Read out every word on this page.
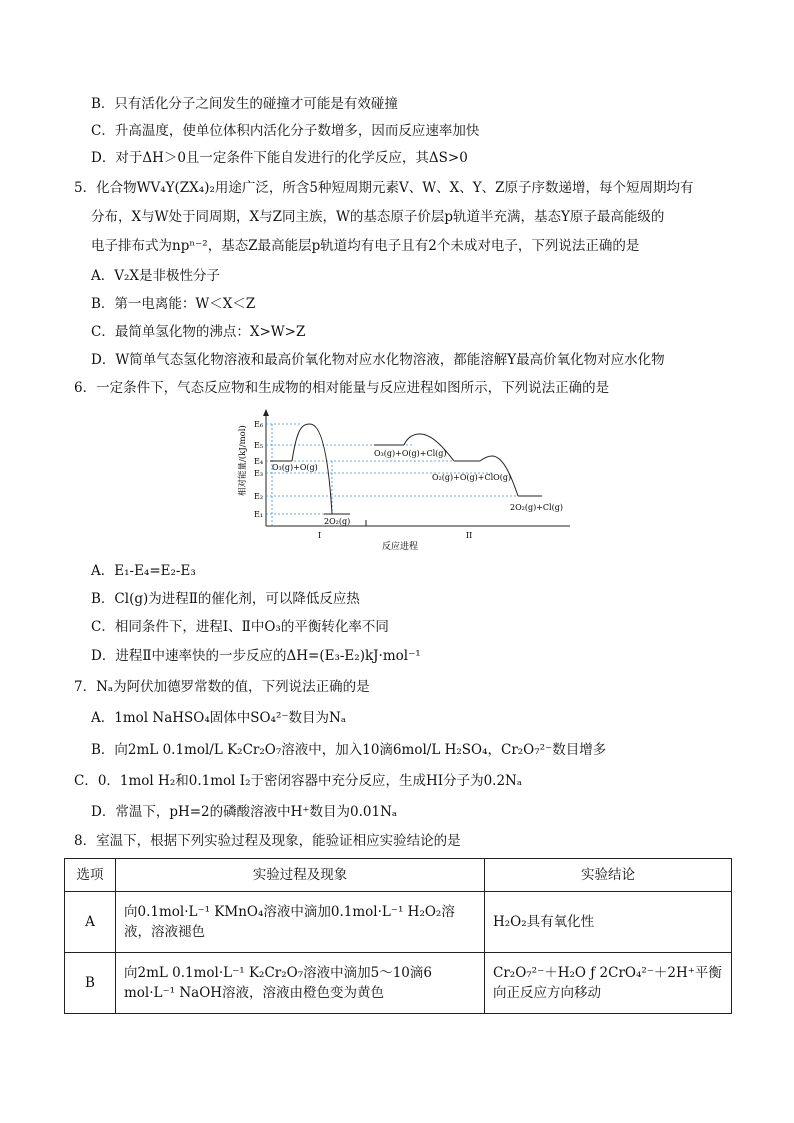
B．只有活化分子之间发生的碰撞才可能是有效碰撞
C．升高温度，使单位体积内活化分子数增多，因而反应速率加快
D．对于ΔH＞0且一定条件下能自发进行的化学反应，其ΔS>0
5．化合物WV₄Y(ZX₄)₂用途广泛，所含5种短周期元素V、W、X、Y、Z原子序数递增，每个短周期均有
分布，X与W处于同周期，X与Z同主族，W的基态原子价层p轨道半充满，基态Y原子最高能级的
电子排布式为npⁿ⁻²，基态Z最高能层p轨道均有电子且有2个未成对电子，下列说法正确的是
A．V₂X是非极性分子
B．第一电离能：W＜X＜Z
C．最简单氢化物的沸点：X>W>Z
D．W简单气态氢化物溶液和最高价氧化物对应水化物溶液，都能溶解Y最高价氧化物对应水化物
6．一定条件下，气态反应物和生成物的相对能量与反应进程如图所示，下列说法正确的是
相对能量/(kJ/mol)
E₆
E₅
E₄
E₃
E₂
E₁
O₃(g)+O(g)
2O₂(g)
O₃(g)+O(g)+Cl(g)
O₂(g)+O(g)+ClO(g)
2O₂(g)+Cl(g)
I	II
反应进程
A．E₁-E₄=E₂-E₃
B．Cl(g)为进程Ⅱ的催化剂，可以降低反应热
C．相同条件下，进程Ⅰ、Ⅱ中O₃的平衡转化率不同
D．进程Ⅱ中速率快的一步反应的ΔH=(E₃-E₂)kJ·mol⁻¹
7．Nₐ为阿伏加德罗常数的值，下列说法正确的是
A．1mol NaHSO₄固体中SO₄²⁻数目为Nₐ
B．向2mL 0.1mol/L K₂Cr₂O₇溶液中，加入10滴6mol/L H₂SO₄，Cr₂O₇²⁻数目增多
C．0．1mol H₂和0.1mol I₂于密闭容器中充分反应，生成HI分子为0.2Nₐ
D．常温下，pH=2的磷酸溶液中H⁺数目为0.01Nₐ
8．室温下，根据下列实验过程及现象，能验证相应实验结论的是
选项	实验过程及现象	实验结论
A	向0.1mol·L⁻¹ KMnO₄溶液中滴加0.1mol·L⁻¹ H₂O₂溶液，溶液褪色	H₂O₂具有氧化性
B	向2mL 0.1mol·L⁻¹ K₂Cr₂O₇溶液中滴加5～10滴6 mol·L⁻¹ NaOH溶液，溶液由橙色变为黄色	Cr₂O₇²⁻＋H₂O ƒ 2CrO₄²⁻＋2H⁺平衡向正反应方向移动
